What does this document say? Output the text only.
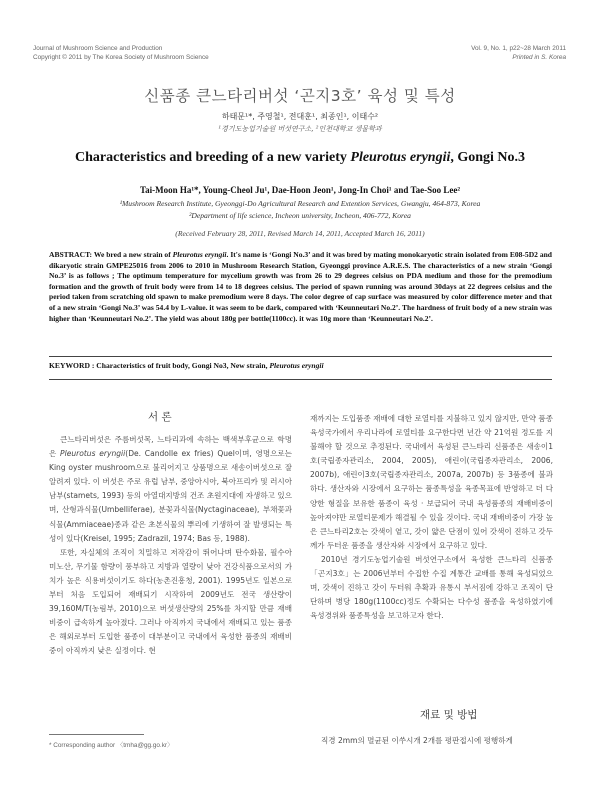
Journal of Mushroom Science and Production
Copyright © 2011 by The Korea Society of Mushroom Science
Vol. 9, No. 1, p22~28 March 2011
Printed in S. Korea
신품종 큰느타리버섯 ‘곤지3호’ 육성 및 특성
하태문¹*, 주영철¹, 전대훈¹, 최종인¹, 이태수²
¹경기도농업기술원 버섯연구소, ²인천대학교 생물학과
Characteristics and breeding of a new variety Pleurotus eryngii, Gongi No.3
Tai-Moon Ha¹*, Young-Cheol Ju¹, Dae-Hoon Jeon¹, Jong-In Choi¹ and Tae-Soo Lee²
¹Mushroom Research Institute, Gyeonggi-Do Agricultural Research and Extention Services, Gwangju, 464-873, Korea
²Department of life science, Incheon university, Incheon, 406-772, Korea
(Received February 28, 2011, Revised March 14, 2011, Accepted March 16, 2011)

ABSTRACT: We bred a new strain of Pleurotus eryngii. It's name is ‘Gongi No.3’ and it was bred by mating monokaryotic strain isolated from E08-5D2 and dikaryotic strain GMPE25016 from 2006 to 2010 in Mushroom Research Station, Gyeonggi province A.R.E.S. The characteristics of a new strain ‘Gongi No.3’ is as follows ; The optimum temperature for mycelium growth was from 26 to 29 degrees celsius on PDA medium and those for the premodium formation and the growth of fruit body were from 14 to 18 degrees celsius. The period of spawn running was around 30days at 22 degrees celsius and the period taken from scratching old spawn to make premodium were 8 days. The color degree of cap surface was measured by color difference meter and that of a new strain ‘Gongi No.3’ was 54.4 by L-value. it was seem to be dark, compared with ‘Keunneutari No.2’. The hardness of fruit body of a new strain was higher than ‘Keunneutari No.2’. The yield was about 180g per bottle(1100cc). it was 10g more than ‘Keunneutari No.2’.

KEYWORD : Characteristics of fruit body, Gongi No3, New strain, Pleurotus eryngii
서 론

큰느타리버섯은 주름버섯목, 느타리과에 속하는 백색부후균으로 학명은 Pleurotus eryngii(De. Candolle ex fries) Quel이며, 영명으로는 King oyster mushroom으로 불리어지고 상품명으로 새송이버섯으로 잘 알려져 있다. 이 버섯은 주로 유럽 남부, 중앙아시아, 북아프리카 및 러시아 남부(stamets, 1993) 등의 아열대지방의 건조 초원지대에 자생하고 있으며, 산형과식물(Umbelliferae), 분꽃과식물(Nyctaginaceae), 부채꽃과식물(Ammiaceae)종과 같은 초본식물의 뿌리에 기생하여 잘 발생되는 특성이 있다(Kreisel, 1995; Zadrazil, 1974; Bas 등, 1988).

또한, 자실체의 조직이 치밀하고 저작감이 뛰어나며 탄수화물, 필수아미노산, 무기물 함량이 풍부하고 지방과 열량이 낮아 건강식품으로서의 가치가 높은 식용버섯이기도 하다(농촌진흥청, 2001). 1995년도 일본으로부터 처음 도입되어 재배되기 시작하여 2009년도 전국 생산량이 39,160M/T(농림부, 2010)으로 버섯생산량의 25%를 차지할 만큼 재배비중이 급속하게 높아졌다. 그러나 아직까지 국내에서 재배되고 있는 품종은 해외로부터 도입한 품종이 대부분이고 국내에서 육성한 품종의 재배비중이 아직까지 낮은 실정이다. 현

재까지는 도입품종 재배에 대한 로열티를 지불하고 있지 않지만, 만약 품종 육성국가에서 우리나라에 로열티를 요구한다면 년간 약 21억원 정도를 지불해야 할 것으로 추정된다. 국내에서 육성된 큰느타리 신품종은 새송이1호(국립종자관리소, 2004, 2005), 애린이(국립종자관리소, 2006, 2007b), 애린이3호(국립종자관리소, 2007a, 2007b) 등 3품종에 불과하다. 생산자와 시장에서 요구하는 품종특성을 육종목표에 반영하고 더 다양한 형질을 보유한 품종이 육성 · 보급되어 국내 육성품종의 재배비중이 높아져야만 로열티문제가 해결될 수 있을 것이다. 국내 재배비중이 가장 높은 큰느타리2호는 갓색이 옅고, 갓이 얇은 단점이 있어 갓색이 진하고 갓두께가 두터운 품종을 생산자와 시장에서 요구하고 있다.

2010년 경기도농업기술원 버섯연구소에서 육성한 큰느타리 신품종 「곤지3호」는 2006년부터 수집한 수집 계통간 교배를 통해 육성되었으며, 갓색이 진하고 갓이 두터워 추확과 유통시 부서짐에 강하고 조직이 단단하며 병당 180g(1100cc)정도 수확되는 다수성 품종을 육성하였기에 육성경위와 품종특성을 보고하고자 한다.

재료 및 방법

직경 2mm의 멸균된 이쑤시개 2개를 평판접시에 평행하게

* Corresponding author 〈tmha@gg.go.kr〉
